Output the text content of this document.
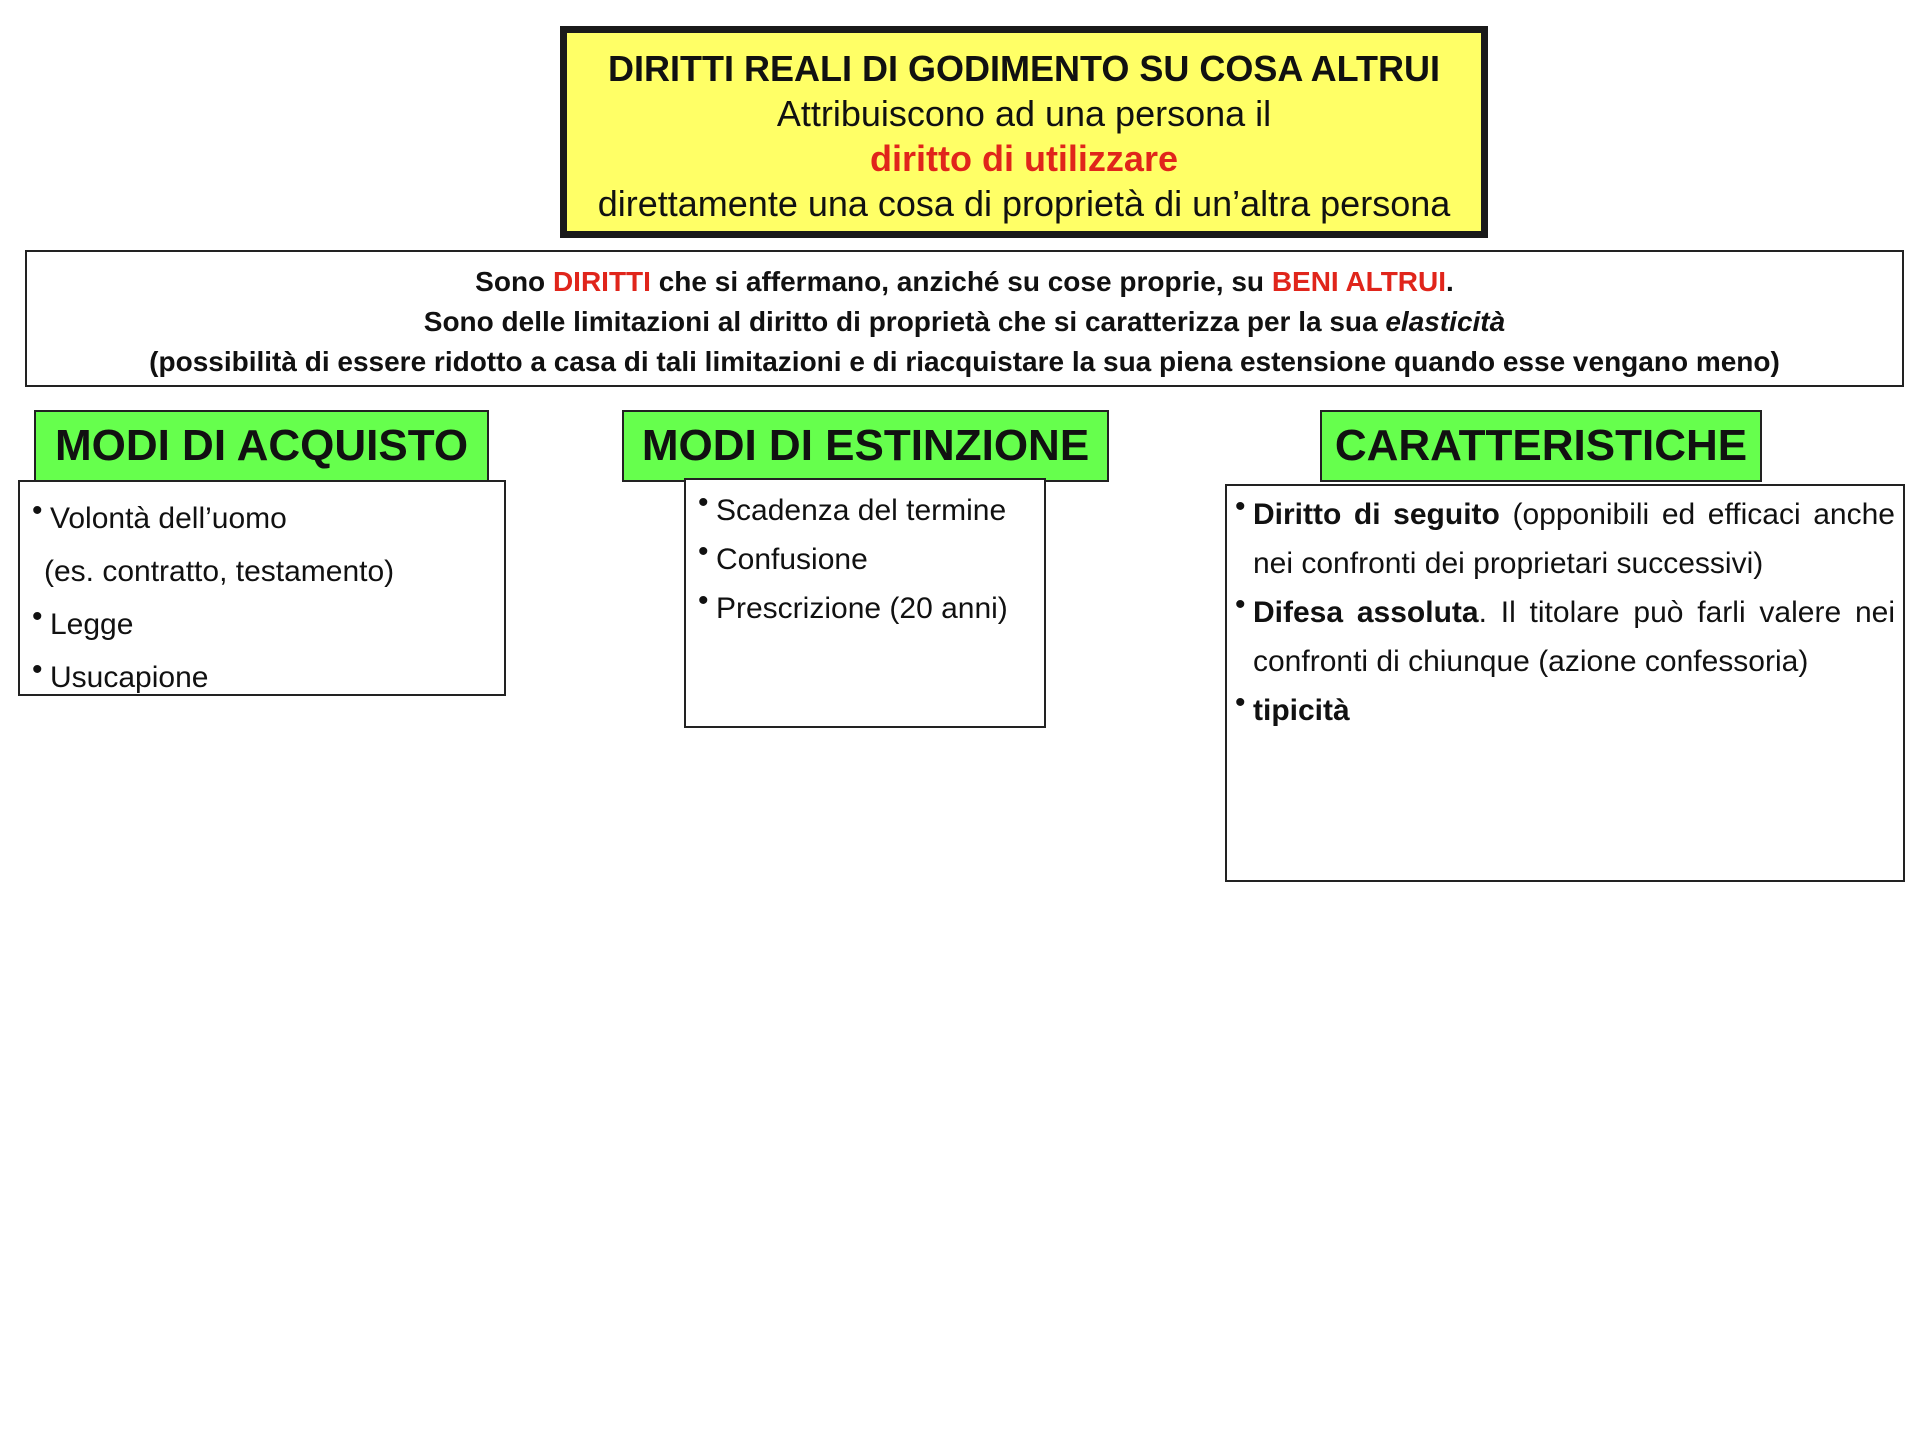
DIRITTI REALI DI GODIMENTO SU COSA ALTRUI
Attribuiscono ad una persona il
diritto di utilizzare
direttamente una cosa di proprietà di un’altra persona
Sono DIRITTI che si affermano, anziché su cose proprie, su BENI ALTRUI.
Sono delle limitazioni al diritto di proprietà che si caratterizza per la sua elasticità
(possibilità di essere ridotto a casa di tali limitazioni e di riacquistare la sua piena estensione quando esse vengano meno)
MODI DI ACQUISTO	MODI DI ESTINZIONE	CARATTERISTICHE
• Volontà dell’uomo
(es. contratto, testamento)
• Legge
• Usucapione
• Scadenza del termine
• Confusione
• Prescrizione (20 anni)
• Diritto di seguito (opponibili ed efficaci anche nei confronti dei proprietari successivi)
• Difesa assoluta. Il titolare può farli valere nei confronti di chiunque (azione confessoria)
• tipicità
